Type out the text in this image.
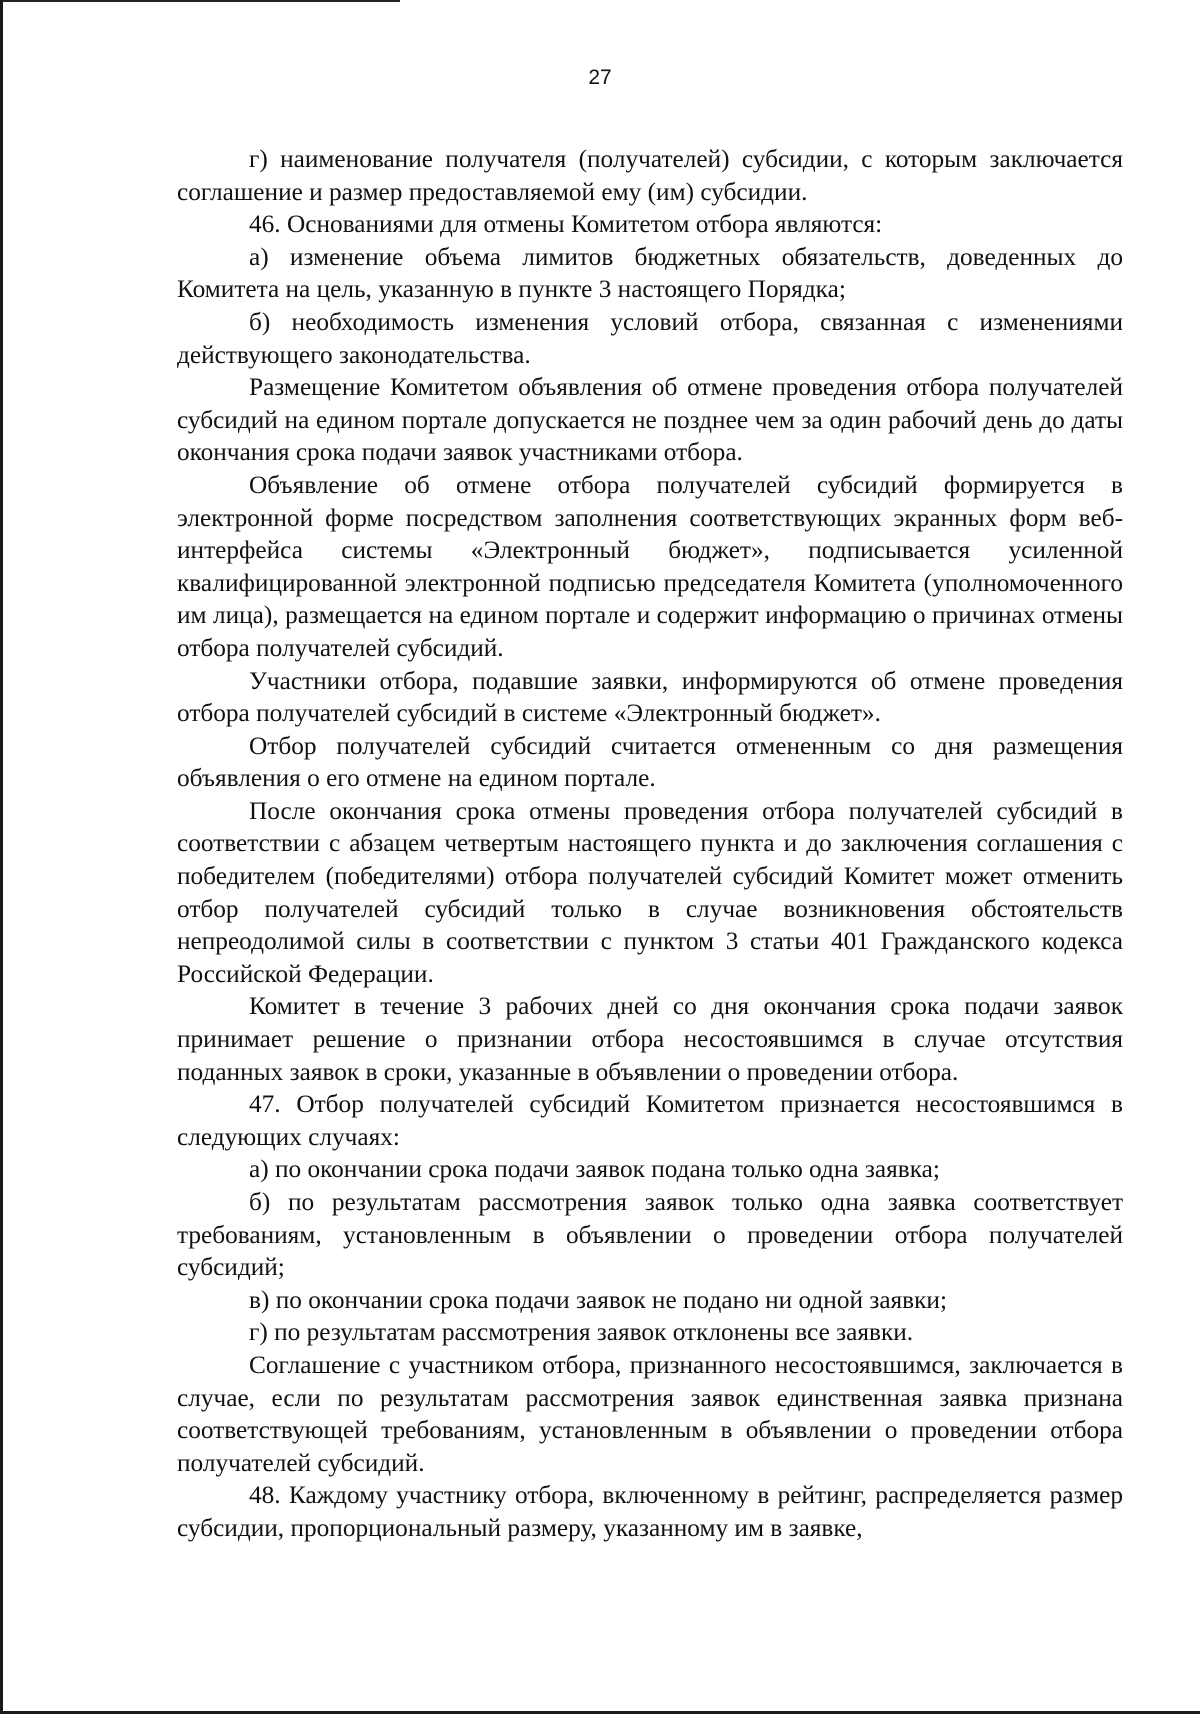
27

г) наименование получателя (получателей) субсидии, с которым заключается соглашение и размер предоставляемой ему (им) субсидии.

46. Основаниями для отмены Комитетом отбора являются:

а) изменение объема лимитов бюджетных обязательств, доведенных до Комитета на цель, указанную в пункте 3 настоящего Порядка;

б) необходимость изменения условий отбора, связанная с изменениями действующего законодательства.

Размещение Комитетом объявления об отмене проведения отбора получателей субсидий на едином портале допускается не позднее чем за один рабочий день до даты окончания срока подачи заявок участниками отбора.

Объявление об отмене отбора получателей субсидий формируется в электронной форме посредством заполнения соответствующих экранных форм веб-интерфейса системы «Электронный бюджет», подписывается усиленной квалифицированной электронной подписью председателя Комитета (уполномоченного им лица), размещается на едином портале и содержит информацию о причинах отмены отбора получателей субсидий.

Участники отбора, подавшие заявки, информируются об отмене проведения отбора получателей субсидий в системе «Электронный бюджет».

Отбор получателей субсидий считается отмененным со дня размещения объявления о его отмене на едином портале.

После окончания срока отмены проведения отбора получателей субсидий в соответствии с абзацем четвертым настоящего пункта и до заключения соглашения с победителем (победителями) отбора получателей субсидий Комитет может отменить отбор получателей субсидий только в случае возникновения обстоятельств непреодолимой силы в соответствии с пунктом 3 статьи 401 Гражданского кодекса Российской Федерации.

Комитет в течение 3 рабочих дней со дня окончания срока подачи заявок принимает решение о признании отбора несостоявшимся в случае отсутствия поданных заявок в сроки, указанные в объявлении о проведении отбора.

47. Отбор получателей субсидий Комитетом признается несостоявшимся в следующих случаях:

а) по окончании срока подачи заявок подана только одна заявка;

б) по результатам рассмотрения заявок только одна заявка соответствует требованиям, установленным в объявлении о проведении отбора получателей субсидий;

в) по окончании срока подачи заявок не подано ни одной заявки;

г) по результатам рассмотрения заявок отклонены все заявки.

Соглашение с участником отбора, признанного несостоявшимся, заключается в случае, если по результатам рассмотрения заявок единственная заявка признана соответствующей требованиям, установленным в объявлении о проведении отбора получателей субсидий.

48. Каждому участнику отбора, включенному в рейтинг, распределяется размер субсидии, пропорциональный размеру, указанному им в заявке,
